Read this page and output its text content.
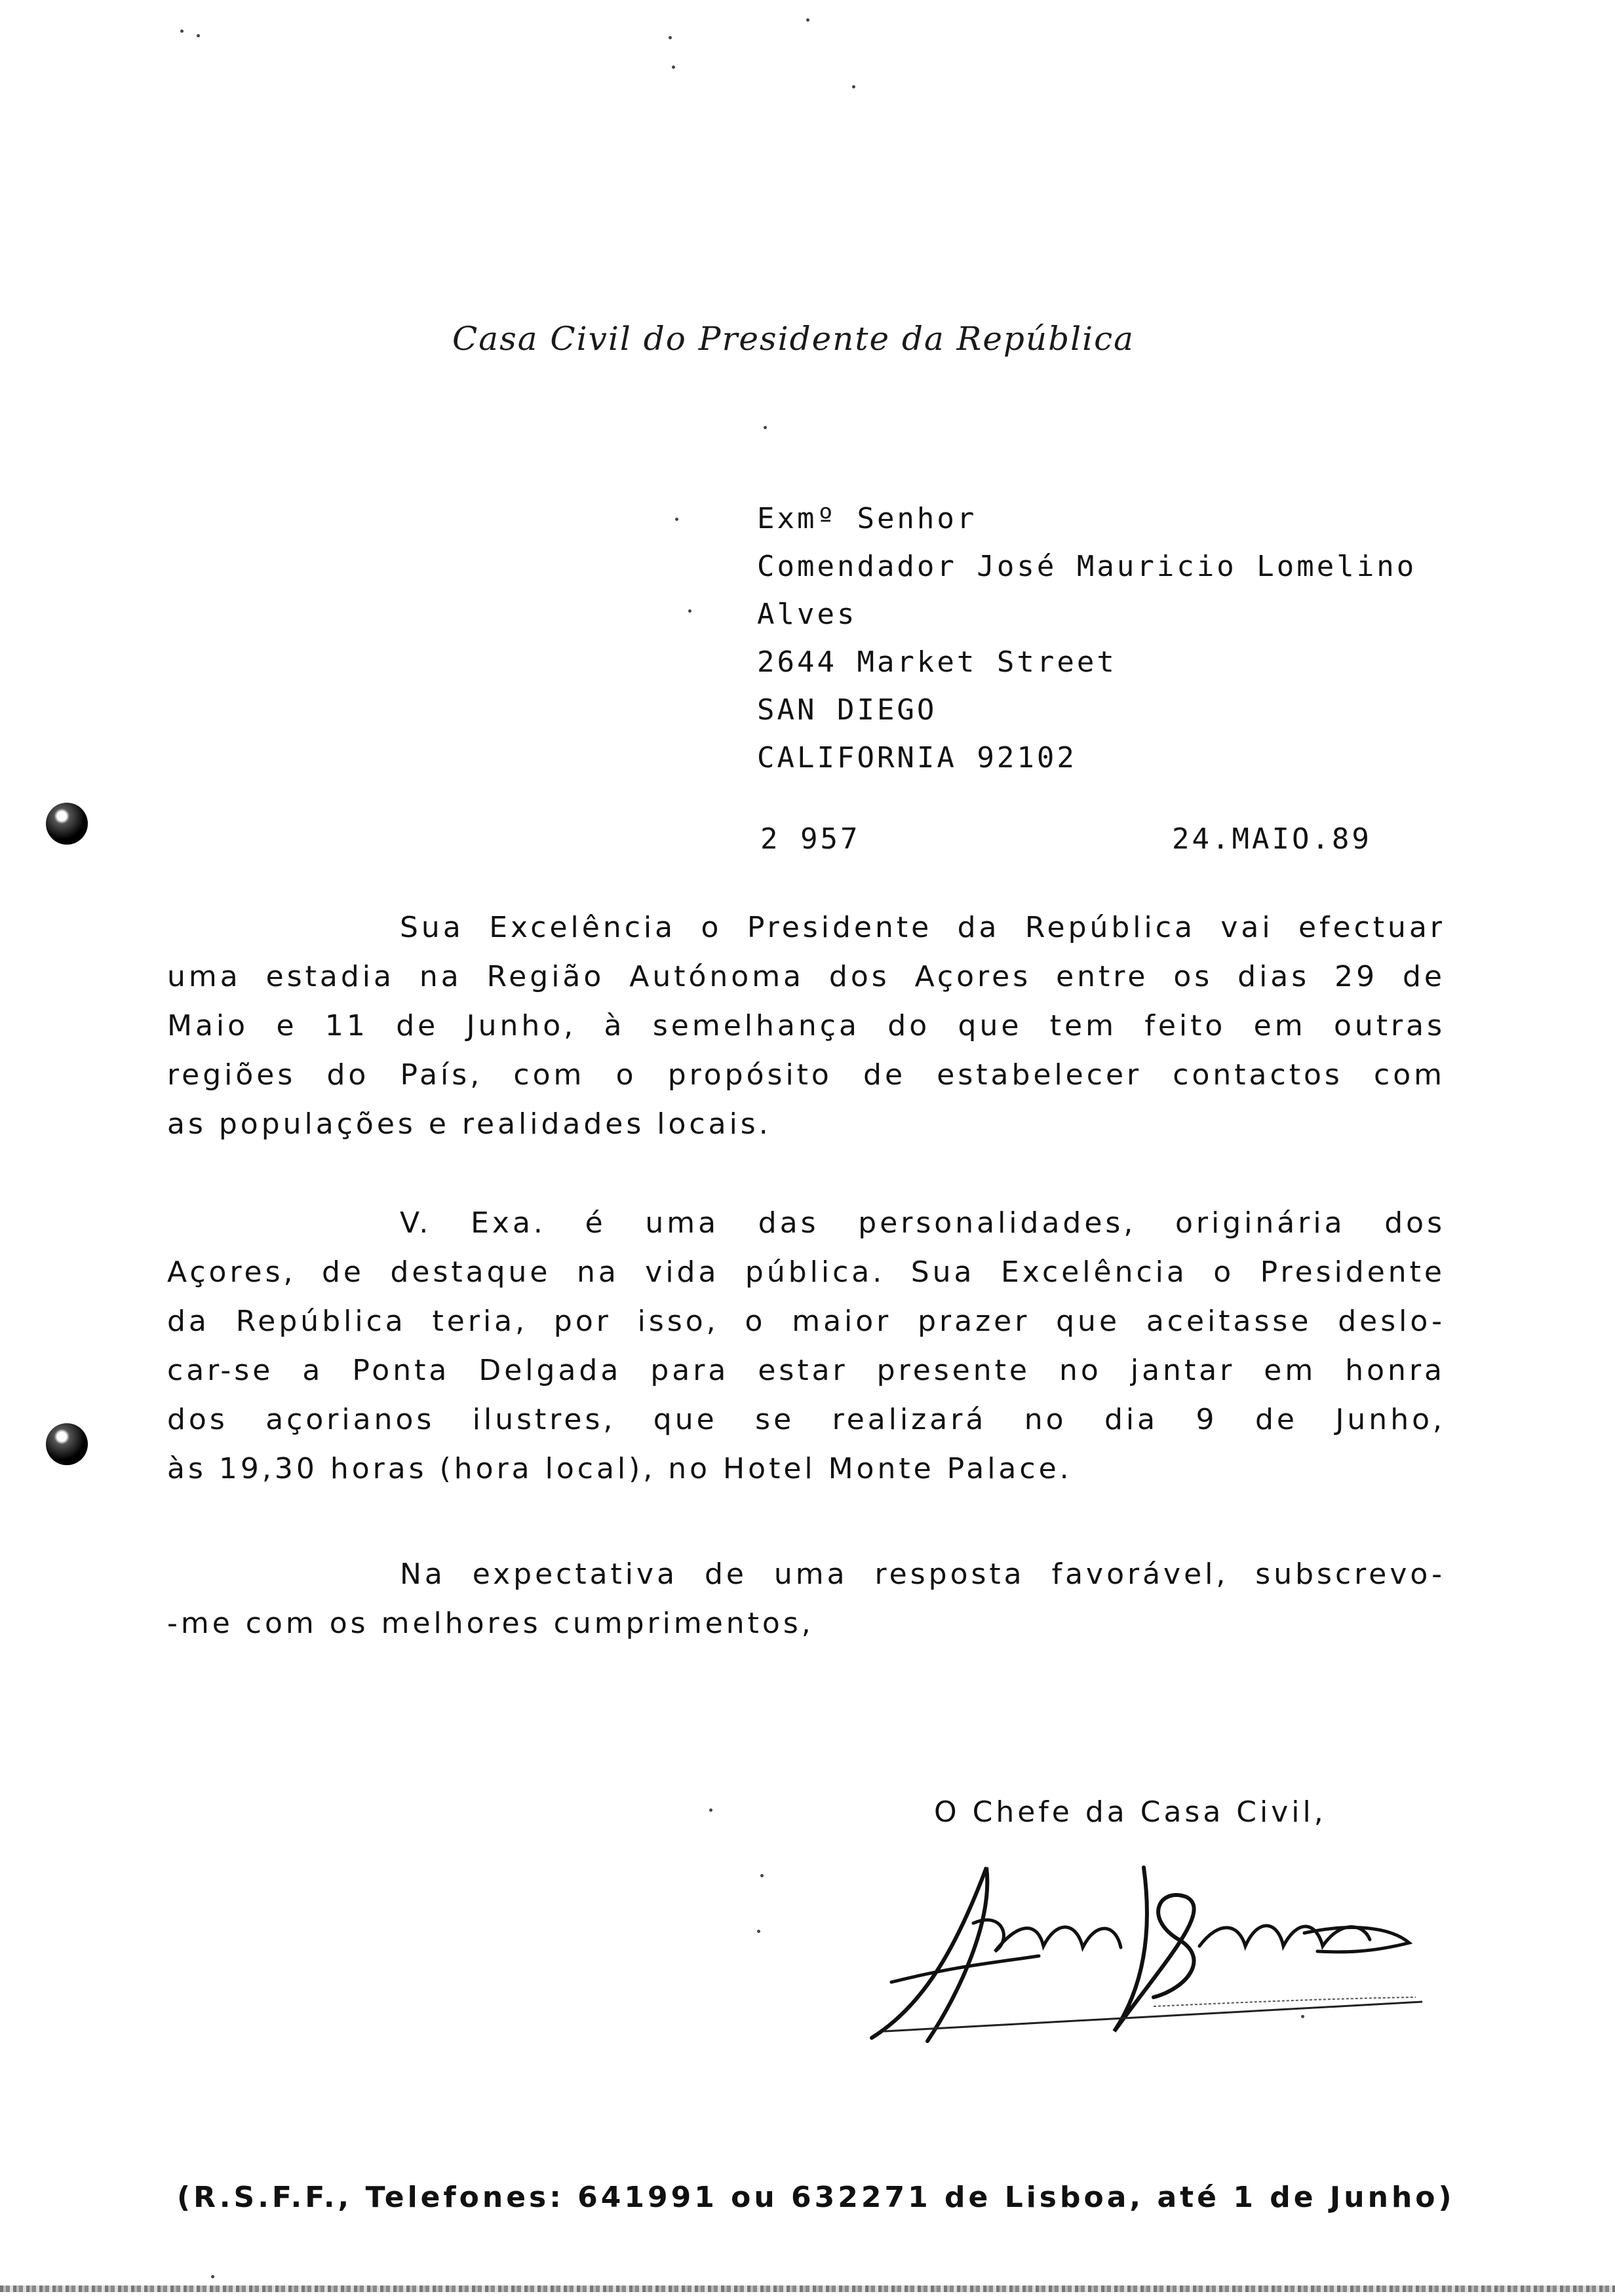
Casa Civil do Presidente da República
Exmº Senhor
Comendador José Mauricio Lomelino
Alves
2644 Market Street
SAN DIEGO
CALIFORNIA 92102
2 957	24.MAIO.89
Sua Excelência o Presidente da República vai efectuar
uma estadia na Região Autónoma dos Açores entre os dias 29 de
Maio e 11 de Junho, à semelhança do que tem feito em outras
regiões do País, com o propósito de estabelecer contactos com
as populações e realidades locais.
V. Exa. é uma das personalidades, originária dos
Açores, de destaque na vida pública. Sua Excelência o Presidente
da República teria, por isso, o maior prazer que aceitasse deslo-
car-se a Ponta Delgada para estar presente no jantar em honra
dos açorianos ilustres, que se realizará no dia 9 de Junho,
às 19,30 horas (hora local), no Hotel Monte Palace.
Na expectativa de uma resposta favorável, subscrevo-
-me com os melhores cumprimentos,
O Chefe da Casa Civil,
(R.S.F.F., Telefones: 641991 ou 632271 de Lisboa, até 1 de Junho)
